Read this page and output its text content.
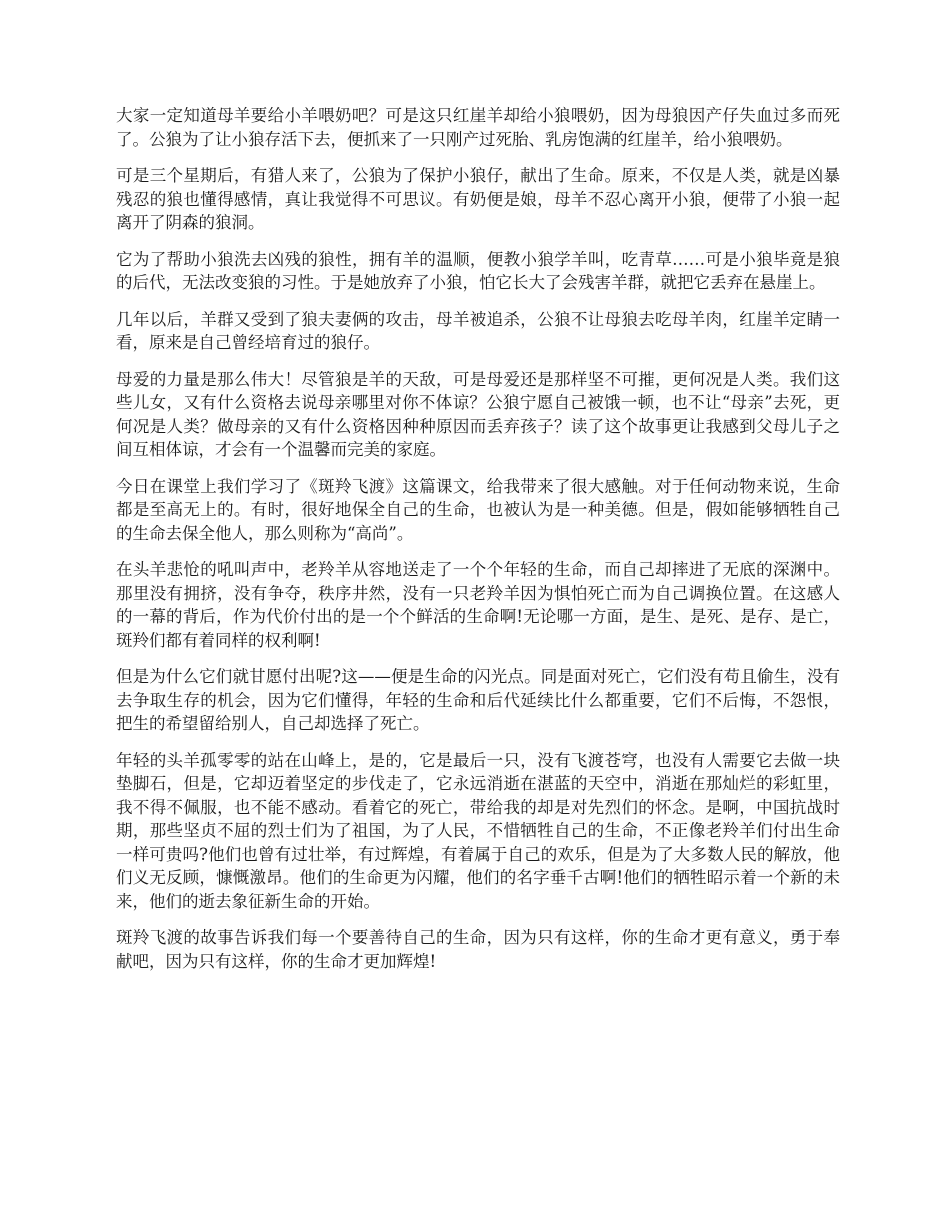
大家一定知道母羊要给小羊喂奶吧？可是这只红崖羊却给小狼喂奶，因为母狼因产仔失血过多而死了。公狼为了让小狼存活下去，便抓来了一只刚产过死胎、乳房饱满的红崖羊，给小狼喂奶。

可是三个星期后，有猎人来了，公狼为了保护小狼仔，献出了生命。原来，不仅是人类，就是凶暴残忍的狼也懂得感情，真让我觉得不可思议。有奶便是娘，母羊不忍心离开小狼，便带了小狼一起离开了阴森的狼洞。

它为了帮助小狼洗去凶残的狼性，拥有羊的温顺，便教小狼学羊叫，吃青草……可是小狼毕竟是狼的后代，无法改变狼的习性。于是她放弃了小狼，怕它长大了会残害羊群，就把它丢弃在悬崖上。

几年以后，羊群又受到了狼夫妻俩的攻击，母羊被追杀，公狼不让母狼去吃母羊肉，红崖羊定睛一看，原来是自己曾经培育过的狼仔。

母爱的力量是那么伟大！尽管狼是羊的天敌，可是母爱还是那样坚不可摧，更何况是人类。我们这些儿女，又有什么资格去说母亲哪里对你不体谅？公狼宁愿自己被饿一顿，也不让“母亲”去死，更何况是人类？做母亲的又有什么资格因种种原因而丢弃孩子？读了这个故事更让我感到父母儿子之间互相体谅，才会有一个温馨而完美的家庭。

今日在课堂上我们学习了《斑羚飞渡》这篇课文，给我带来了很大感触。对于任何动物来说，生命都是至高无上的。有时，很好地保全自己的生命，也被认为是一种美德。但是，假如能够牺牲自己的生命去保全他人，那么则称为“高尚”。

在头羊悲怆的吼叫声中，老羚羊从容地送走了一个个年轻的生命，而自己却摔进了无底的深渊中。那里没有拥挤，没有争夺，秩序井然，没有一只老羚羊因为惧怕死亡而为自己调换位置。在这感人的一幕的背后，作为代价付出的是一个个鲜活的生命啊!无论哪一方面，是生、是死、是存、是亡，斑羚们都有着同样的权利啊!

但是为什么它们就甘愿付出呢?这——便是生命的闪光点。同是面对死亡，它们没有苟且偷生，没有去争取生存的机会，因为它们懂得，年轻的生命和后代延续比什么都重要，它们不后悔，不怨恨，把生的希望留给别人，自己却选择了死亡。

年轻的头羊孤零零的站在山峰上，是的，它是最后一只，没有飞渡苍穹，也没有人需要它去做一块垫脚石，但是，它却迈着坚定的步伐走了，它永远消逝在湛蓝的天空中，消逝在那灿烂的彩虹里，我不得不佩服，也不能不感动。看着它的死亡，带给我的却是对先烈们的怀念。是啊，中国抗战时期，那些坚贞不屈的烈士们为了祖国，为了人民，不惜牺牲自己的生命，不正像老羚羊们付出生命一样可贵吗?他们也曾有过壮举，有过辉煌，有着属于自己的欢乐，但是为了大多数人民的解放，他们义无反顾，慷慨激昂。他们的生命更为闪耀，他们的名字垂千古啊!他们的牺牲昭示着一个新的未来，他们的逝去象征新生命的开始。

斑羚飞渡的故事告诉我们每一个要善待自己的生命，因为只有这样，你的生命才更有意义，勇于奉献吧，因为只有这样，你的生命才更加辉煌!
